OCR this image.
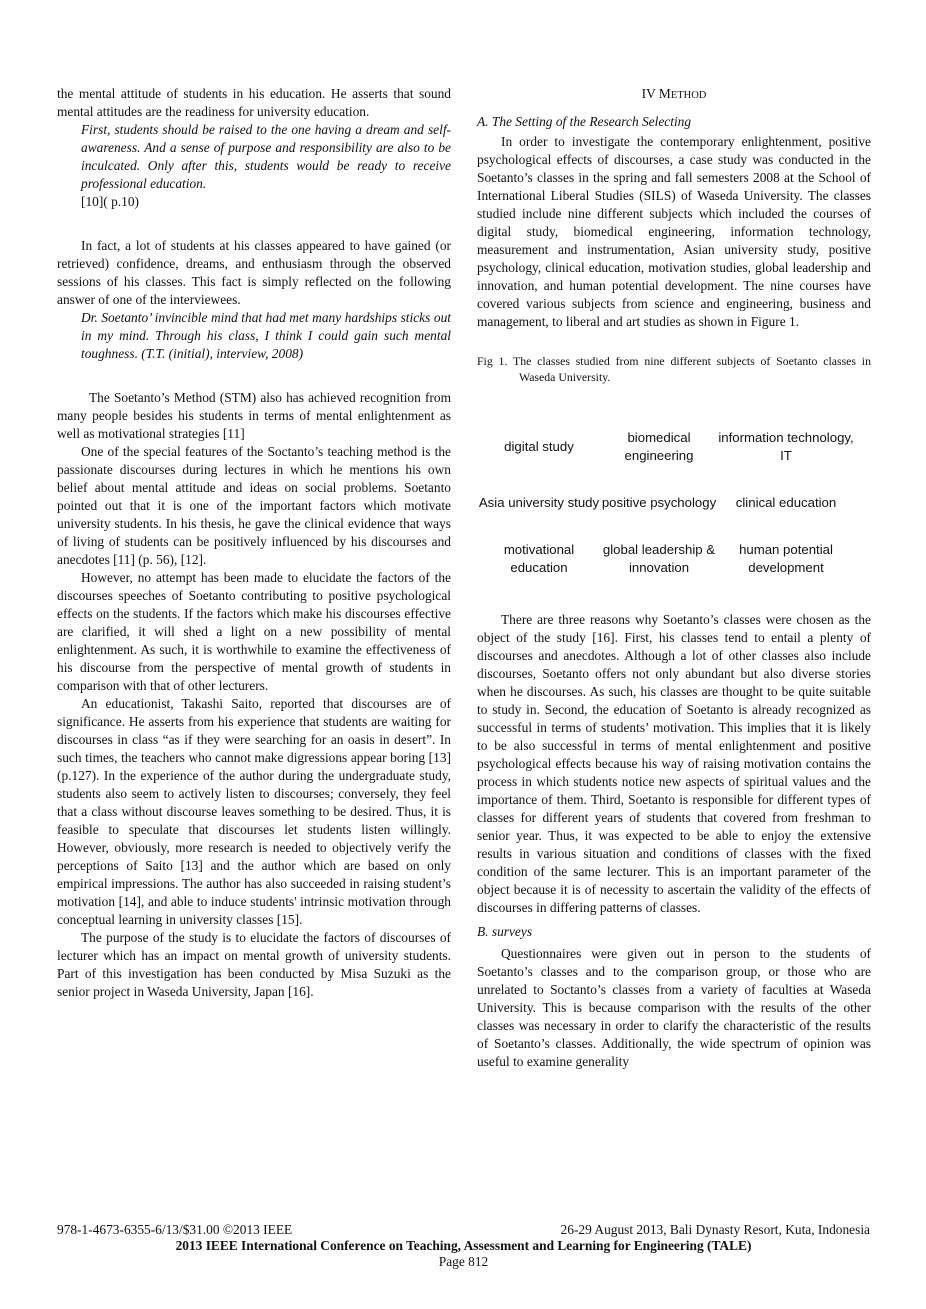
the mental attitude of students in his education. He asserts that sound mental attitudes are the readiness for university education.

First, students should be raised to the one having a dream and self-awareness. And a sense of purpose and responsibility are also to be inculcated. Only after this, students would be ready to receive professional education.
[10]( p.10)

In fact, a lot of students at his classes appeared to have gained (or retrieved) confidence, dreams, and enthusiasm through the observed sessions of his classes. This fact is simply reflected on the following answer of one of the interviewees.

Dr. Soetanto’ invincible mind that had met many hardships sticks out in my mind. Through his class, I think I could gain such mental toughness. (T.T. (initial), interview, 2008)

The Soetanto’s Method (STM) also has achieved recognition from many people besides his students in terms of mental enlightenment as well as motivational strategies [11]

One of the special features of the Soctanto’s teaching method is the passionate discourses during lectures in which he mentions his own belief about mental attitude and ideas on social problems. Soetanto pointed out that it is one of the important factors which motivate university students. In his thesis, he gave the clinical evidence that ways of living of students can be positively influenced by his discourses and anecdotes [11] (p. 56), [12].

However, no attempt has been made to elucidate the factors of the discourses speeches of Soetanto contributing to positive psychological effects on the students. If the factors which make his discourses effective are clarified, it will shed a light on a new possibility of mental enlightenment. As such, it is worthwhile to examine the effectiveness of his discourse from the perspective of mental growth of students in comparison with that of other lecturers.

An educationist, Takashi Saito, reported that discourses are of significance. He asserts from his experience that students are waiting for discourses in class “as if they were searching for an oasis in desert”. In such times, the teachers who cannot make digressions appear boring [13](p.127). In the experience of the author during the undergraduate study, students also seem to actively listen to discourses; conversely, they feel that a class without discourse leaves something to be desired. Thus, it is feasible to speculate that discourses let students listen willingly. However, obviously, more research is needed to objectively verify the perceptions of Saito [13] and the author which are based on only empirical impressions. The author has also succeeded in raising student’s motivation [14], and able to induce students' intrinsic motivation through conceptual learning in university classes [15].

The purpose of the study is to elucidate the factors of discourses of lecturer which has an impact on mental growth of university students. Part of this investigation has been conducted by Misa Suzuki as the senior project in Waseda University, Japan [16].

IV METHOD

A. The Setting of the Research Selecting

In order to investigate the contemporary enlightenment, positive psychological effects of discourses, a case study was conducted in the Soetanto’s classes in the spring and fall semesters 2008 at the School of International Liberal Studies (SILS) of Waseda University. The classes studied include nine different subjects which included the courses of digital study, biomedical engineering, information technology, measurement and instrumentation, Asian university study, positive psychology, clinical education, motivation studies, global leadership and innovation, and human potential development. The nine courses have covered various subjects from science and engineering, business and management, to liberal and art studies as shown in Figure 1.

Fig 1. The classes studied from nine different subjects of Soetanto classes in Waseda University.

digital study
biomedical engineering
information technology, IT
Asia university study positive psychology	clinical education
motivational education
global leadership & innovation
human potential development

There are three reasons why Soetanto’s classes were chosen as the object of the study [16]. First, his classes tend to entail a plenty of discourses and anecdotes. Although a lot of other classes also include discourses, Soetanto offers not only abundant but also diverse stories when he discourses. As such, his classes are thought to be quite suitable to study in. Second, the education of Soetanto is already recognized as successful in terms of students’ motivation. This implies that it is likely to be also successful in terms of mental enlightenment and positive psychological effects because his way of raising motivation contains the process in which students notice new aspects of spiritual values and the importance of them. Third, Soetanto is responsible for different types of classes for different years of students that covered from freshman to senior year. Thus, it was expected to be able to enjoy the extensive results in various situation and conditions of classes with the fixed condition of the same lecturer. This is an important parameter of the object because it is of necessity to ascertain the validity of the effects of discourses in differing patterns of classes.

B. surveys

Questionnaires were given out in person to the students of Soetanto’s classes and to the comparison group, or those who are unrelated to Soctanto’s classes from a variety of faculties at Waseda University. This is because comparison with the results of the other classes was necessary in order to clarify the characteristic of the results of Soetanto’s classes. Additionally, the wide spectrum of opinion was useful to examine generality

978-1-4673-6355-6/13/$31.00 ©2013 IEEE	26-29 August 2013, Bali Dynasty Resort, Kuta, Indonesia
2013 IEEE International Conference on Teaching, Assessment and Learning for Engineering (TALE)
Page 812
